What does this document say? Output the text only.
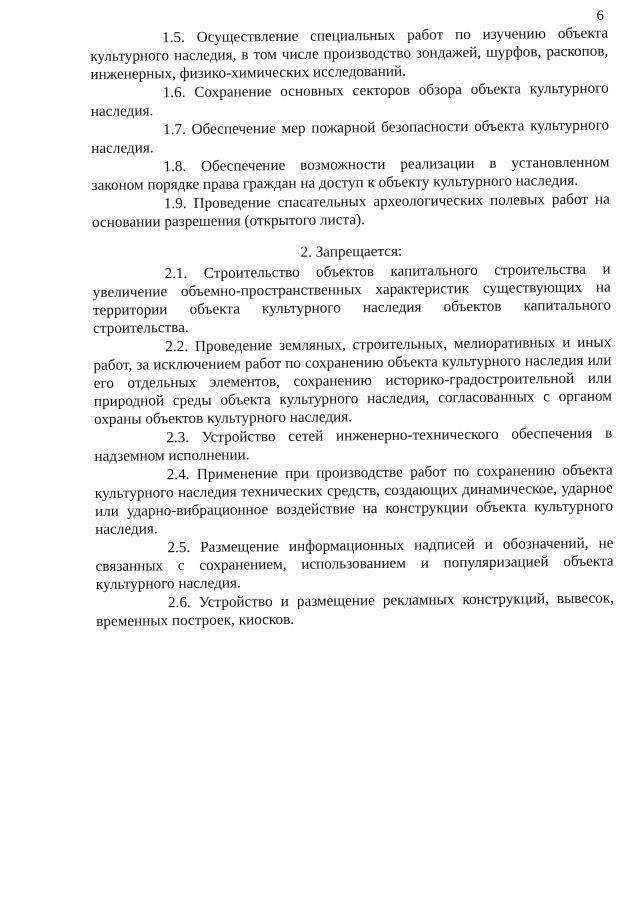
6

1.5. Осуществление специальных работ по изучению объекта культурного наследия, в том числе производство зондажей, шурфов, раскопов, инженерных, физико-химических исследований.

1.6. Сохранение основных секторов обзора объекта культурного наследия.

1.7. Обеспечение мер пожарной безопасности объекта культурного наследия.

1.8. Обеспечение возможности реализации в установленном законом порядке права граждан на доступ к объекту культурного наследия.

1.9. Проведение спасательных археологических полевых работ на основании разрешения (открытого листа).

2. Запрещается:

2.1. Строительство объектов капитального строительства и увеличение объемно-пространственных характеристик существующих на территории объекта культурного наследия объектов капитального строительства.

2.2. Проведение земляных, строительных, мелиоративных и иных работ, за исключением работ по сохранению объекта культурного наследия или его отдельных элементов, сохранению историко-градостроительной или природной среды объекта культурного наследия, согласованных с органом охраны объектов культурного наследия.

2.3. Устройство сетей инженерно-технического обеспечения в надземном исполнении.

2.4. Применение при производстве работ по сохранению объекта культурного наследия технических средств, создающих динамическое, ударное или ударно-вибрационное воздействие на конструкции объекта культурного наследия.

2.5. Размещение информационных надписей и обозначений, не связанных с сохранением, использованием и популяризацией объекта культурного наследия.

2.6. Устройство и размещение рекламных конструкций, вывесок, временных построек, киосков.
